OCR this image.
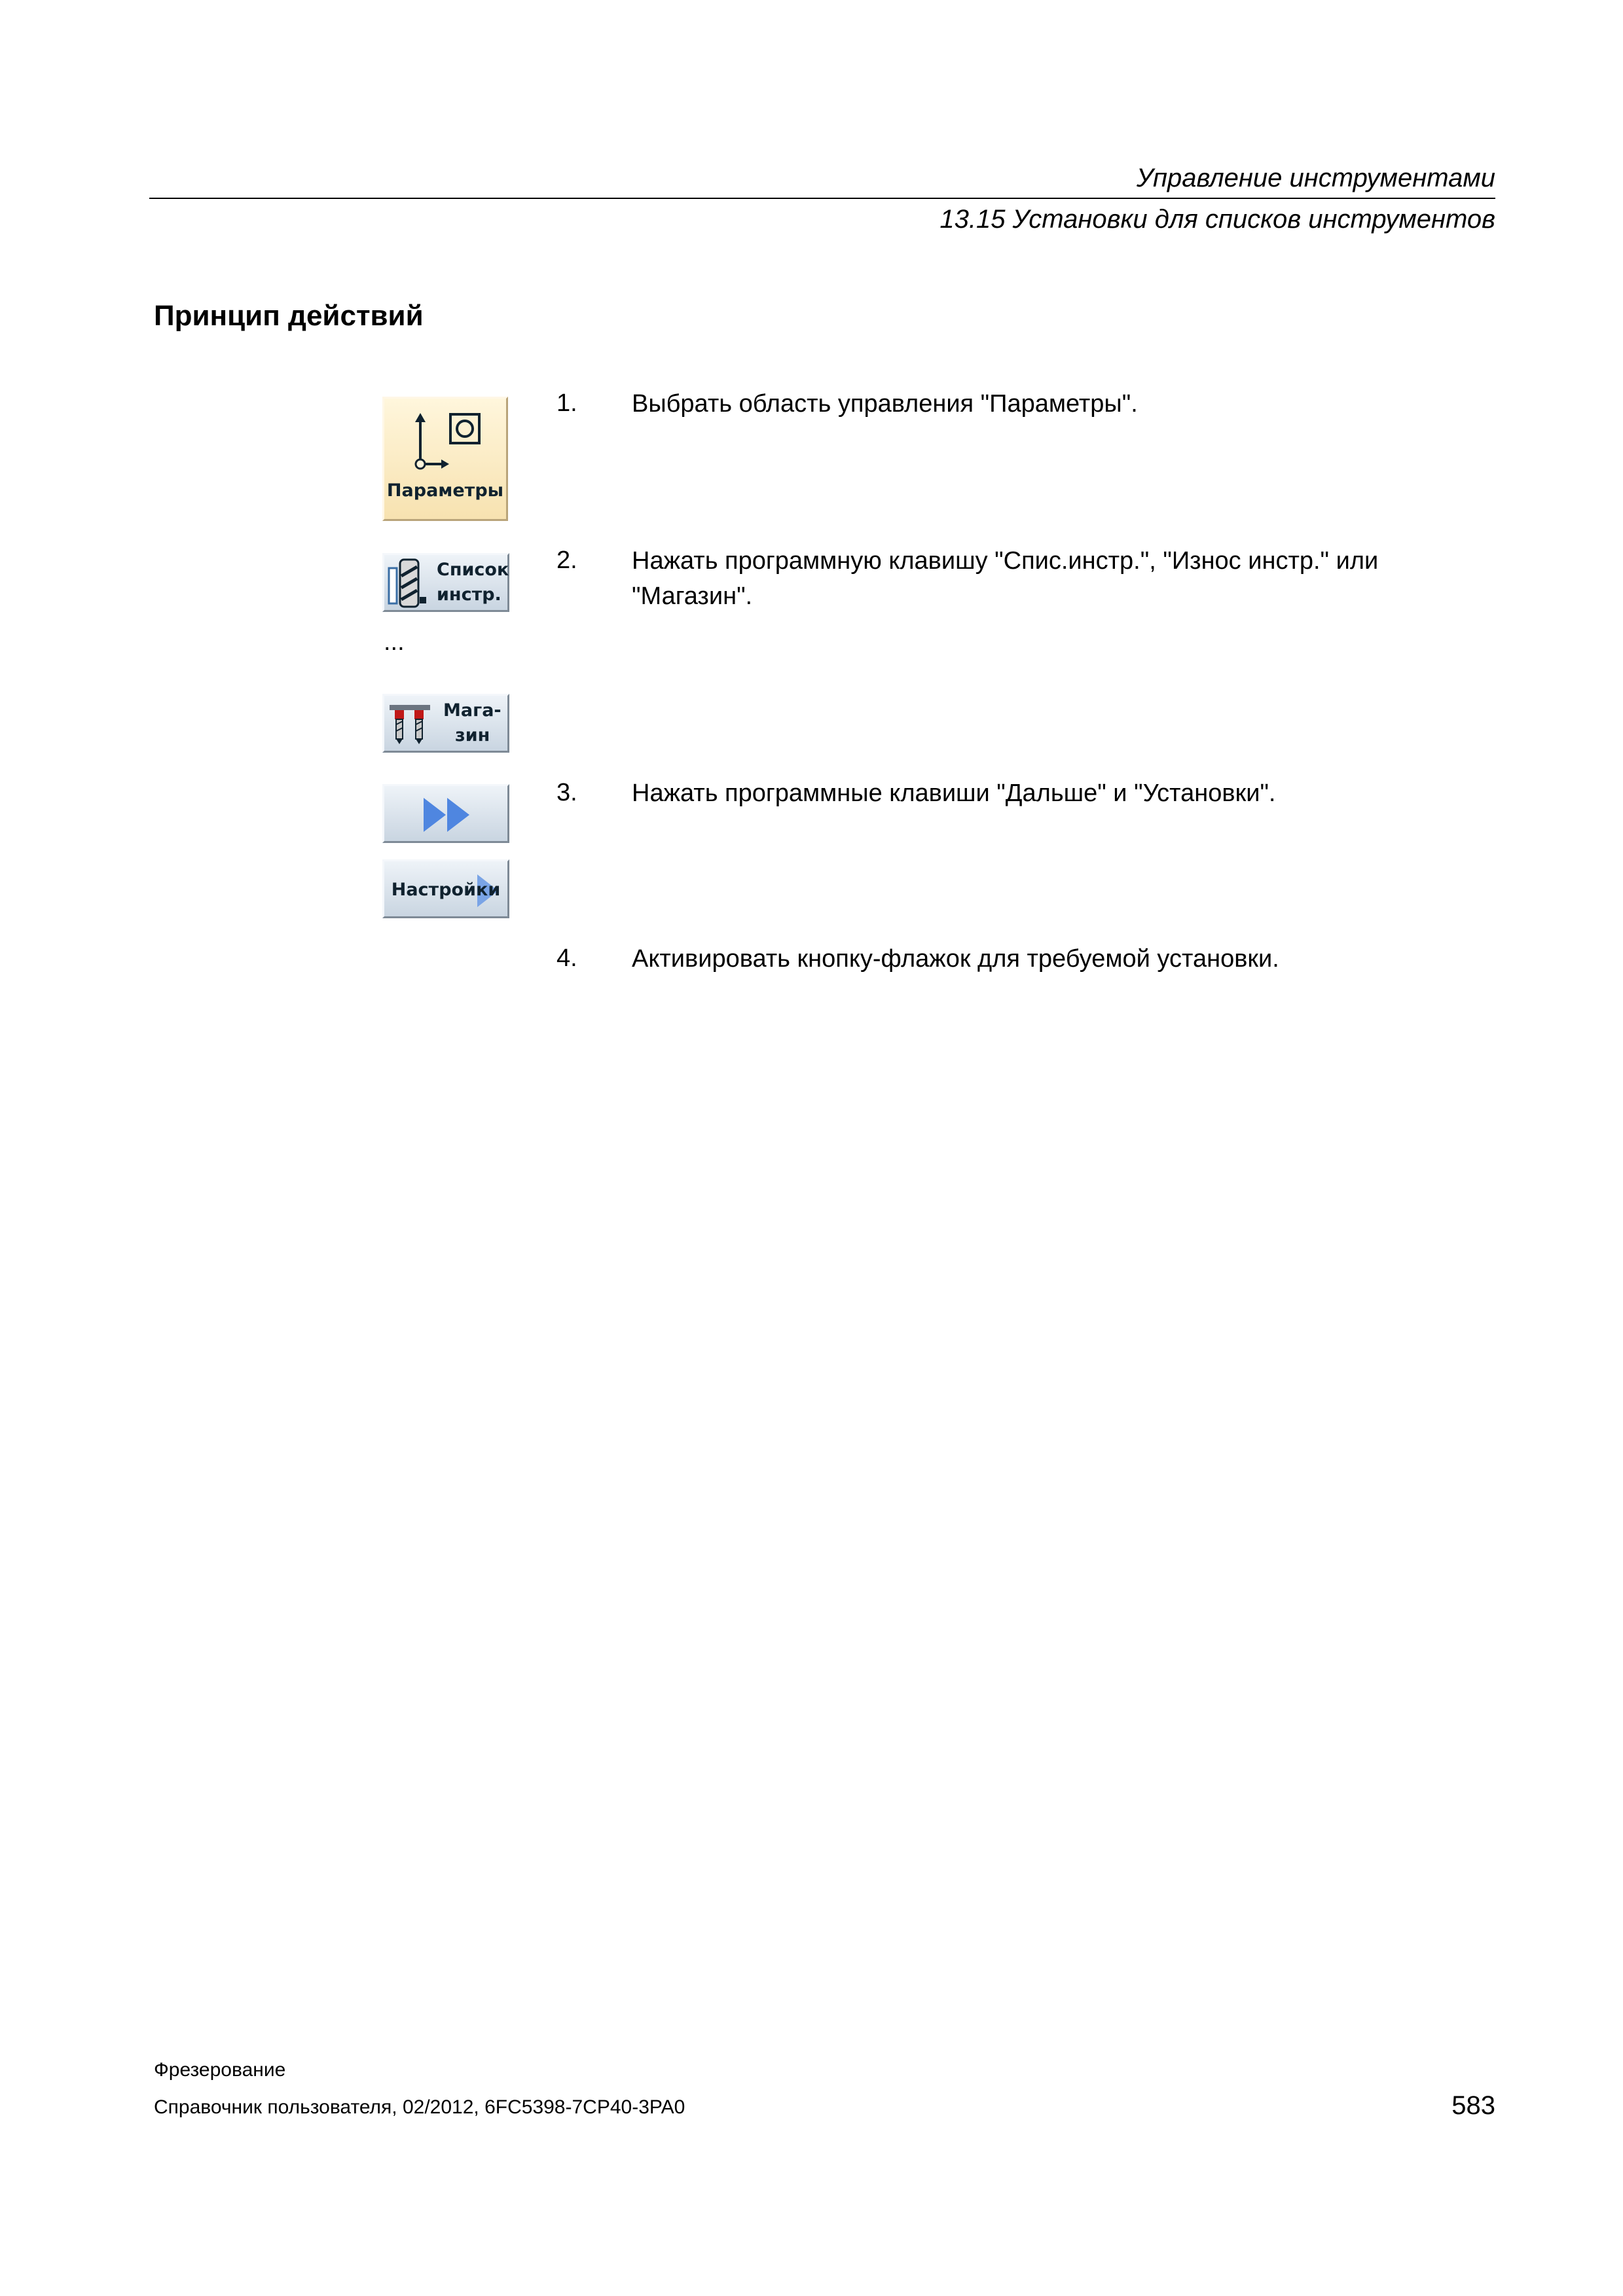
Управление инструментами
13.15 Установки для списков инструментов
Принцип действий
Параметры
Список
инстр.
...
Мага-
зин
Настройки
1. Выбрать область управления "Параметры".
2. Нажать программную клавишу "Спис.инстр.", "Износ инстр." или "Магазин".
3. Нажать программные клавиши "Дальше" и "Установки".
4. Активировать кнопку-флажок для требуемой установки.
Фрезерование
Справочник пользователя, 02/2012, 6FC5398-7CP40-3PA0	583
